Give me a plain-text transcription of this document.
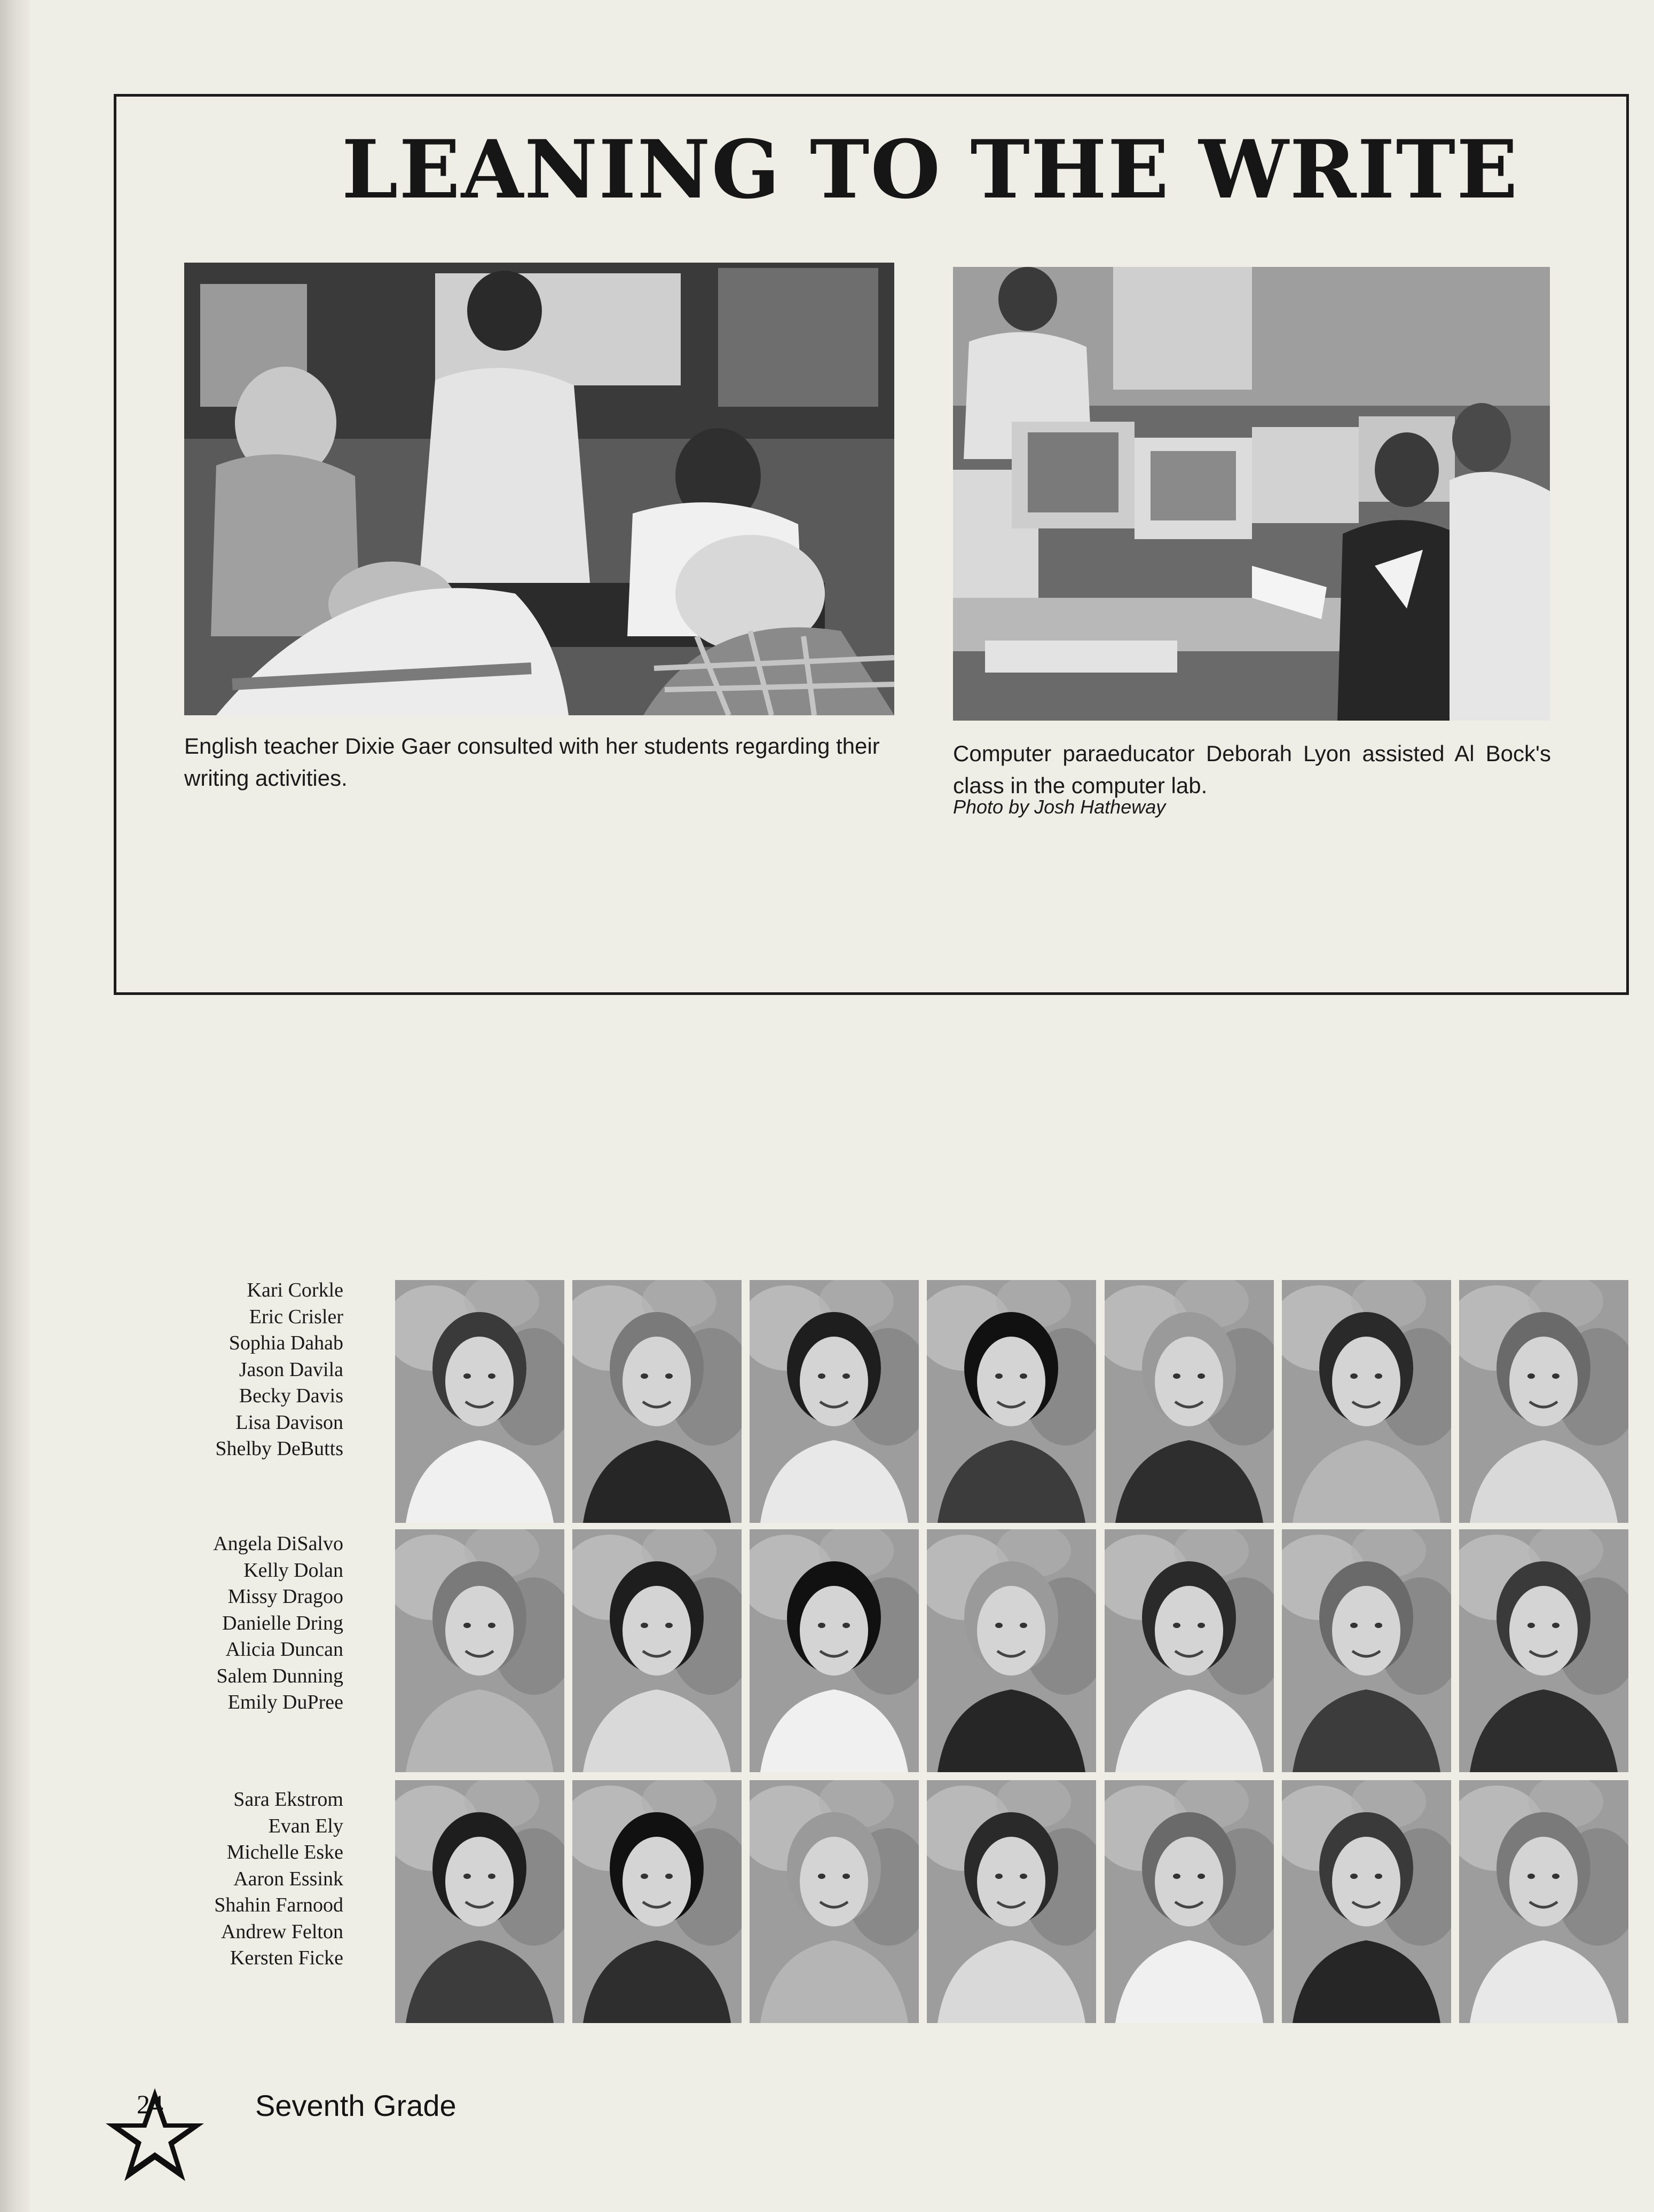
LEANING TO THE WRITE
English teacher Dixie Gaer consulted with her students regarding their writing activities.
Computer paraeducator Deborah Lyon assisted Al Bock's class in the computer lab.
Photo by Josh Hatheway
Kari Corkle
Eric Crisler
Sophia Dahab
Jason Davila
Becky Davis
Lisa Davison
Shelby DeButts
Angela DiSalvo
Kelly Dolan
Missy Dragoo
Danielle Dring
Alicia Duncan
Salem Dunning
Emily DuPree
Sara Ekstrom
Evan Ely
Michelle Eske
Aaron Essink
Shahin Farnood
Andrew Felton
Kersten Ficke
24	Seventh Grade
